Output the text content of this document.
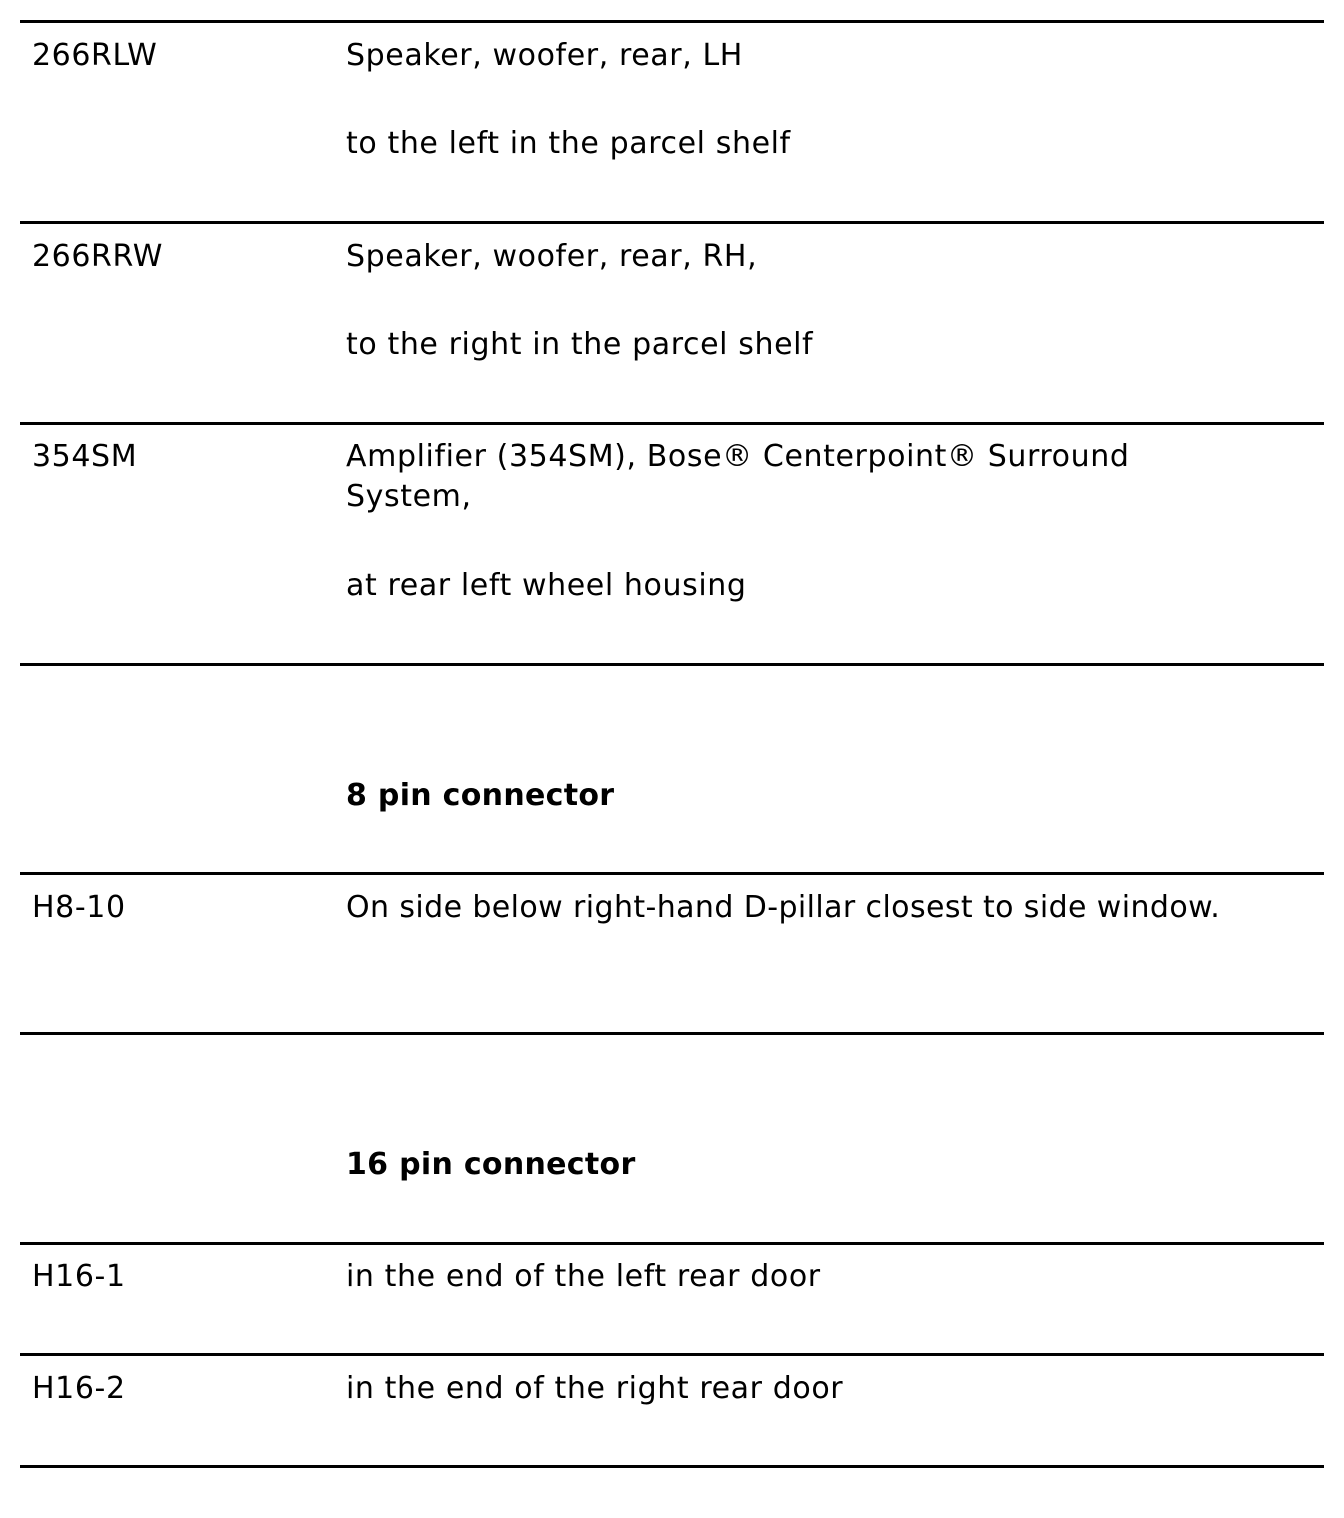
266RLW	Speaker, woofer, rear, LH
to the left in the parcel shelf
266RRW	Speaker, woofer, rear, RH,
to the right in the parcel shelf
354SM	Amplifier (354SM), Bose® Centerpoint® Surround System,
at rear left wheel housing
8 pin connector
H8-10	On side below right-hand D-pillar closest to side window.
16 pin connector
H16-1	in the end of the left rear door
H16-2	in the end of the right rear door
